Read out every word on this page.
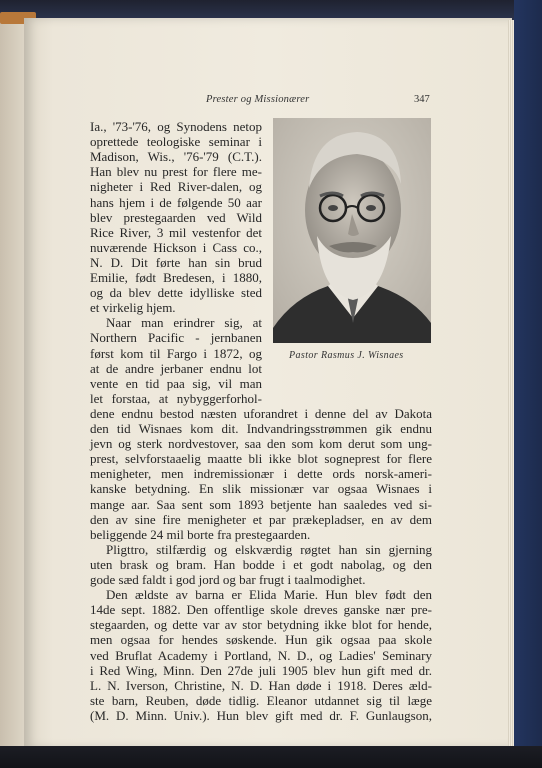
Prester og Missionærer	347
Pastor Rasmus J. Wisnaes
Ia., '73-'76, og Synodens netop
oprettede teologiske seminar i
Madison, Wis., '76-'79 (C.T.).
Han blev nu prest for flere me-
nigheter i Red River-dalen, og
hans hjem i de følgende 50 aar
blev prestegaarden ved Wild
Rice River, 3 mil vestenfor det
nuværende Hickson i Cass co.,
N. D. Dit førte han sin brud
Emilie, født Bredesen, i 1880,
og da blev dette idylliske sted
et virkelig hjem.
Naar man erindrer sig, at
Northern Pacific - jernbanen
først kom til Fargo i 1872, og
at de andre jerbaner endnu lot
vente en tid paa sig, vil man
let forstaa, at nybyggerforhol-
dene endnu bestod næsten uforandret i denne del av Dakota
den tid Wisnaes kom dit. Indvandringsstrømmen gik endnu
jevn og sterk nordvestover, saa den som kom derut som ung-
prest, selvforstaaelig maatte bli ikke blot sogneprest for flere
menigheter, men indremissionær i dette ords norsk-ameri-
kanske betydning. En slik missionær var ogsaa Wisnaes i
mange aar. Saa sent som 1893 betjente han saaledes ved si-
den av sine fire menigheter et par prækepladser, en av dem
beliggende 24 mil borte fra prestegaarden.
Pligttro, stilfærdig og elskværdig røgtet han sin gjerning
uten brask og bram. Han bodde i et godt nabolag, og den
gode sæd faldt i god jord og bar frugt i taalmodighet.
Den ældste av barna er Elida Marie. Hun blev født den
14de sept. 1882. Den offentlige skole dreves ganske nær pre-
stegaarden, og dette var av stor betydning ikke blot for hende,
men ogsaa for hendes søskende. Hun gik ogsaa paa skole
ved Bruflat Academy i Portland, N. D., og Ladies' Seminary
i Red Wing, Minn. Den 27de juli 1905 blev hun gift med dr.
L. N. Iverson, Christine, N. D. Han døde i 1918. Deres æld-
ste barn, Reuben, døde tidlig. Eleanor utdannet sig til læge
(M. D. Minn. Univ.). Hun blev gift med dr. F. Gunlaugson,
